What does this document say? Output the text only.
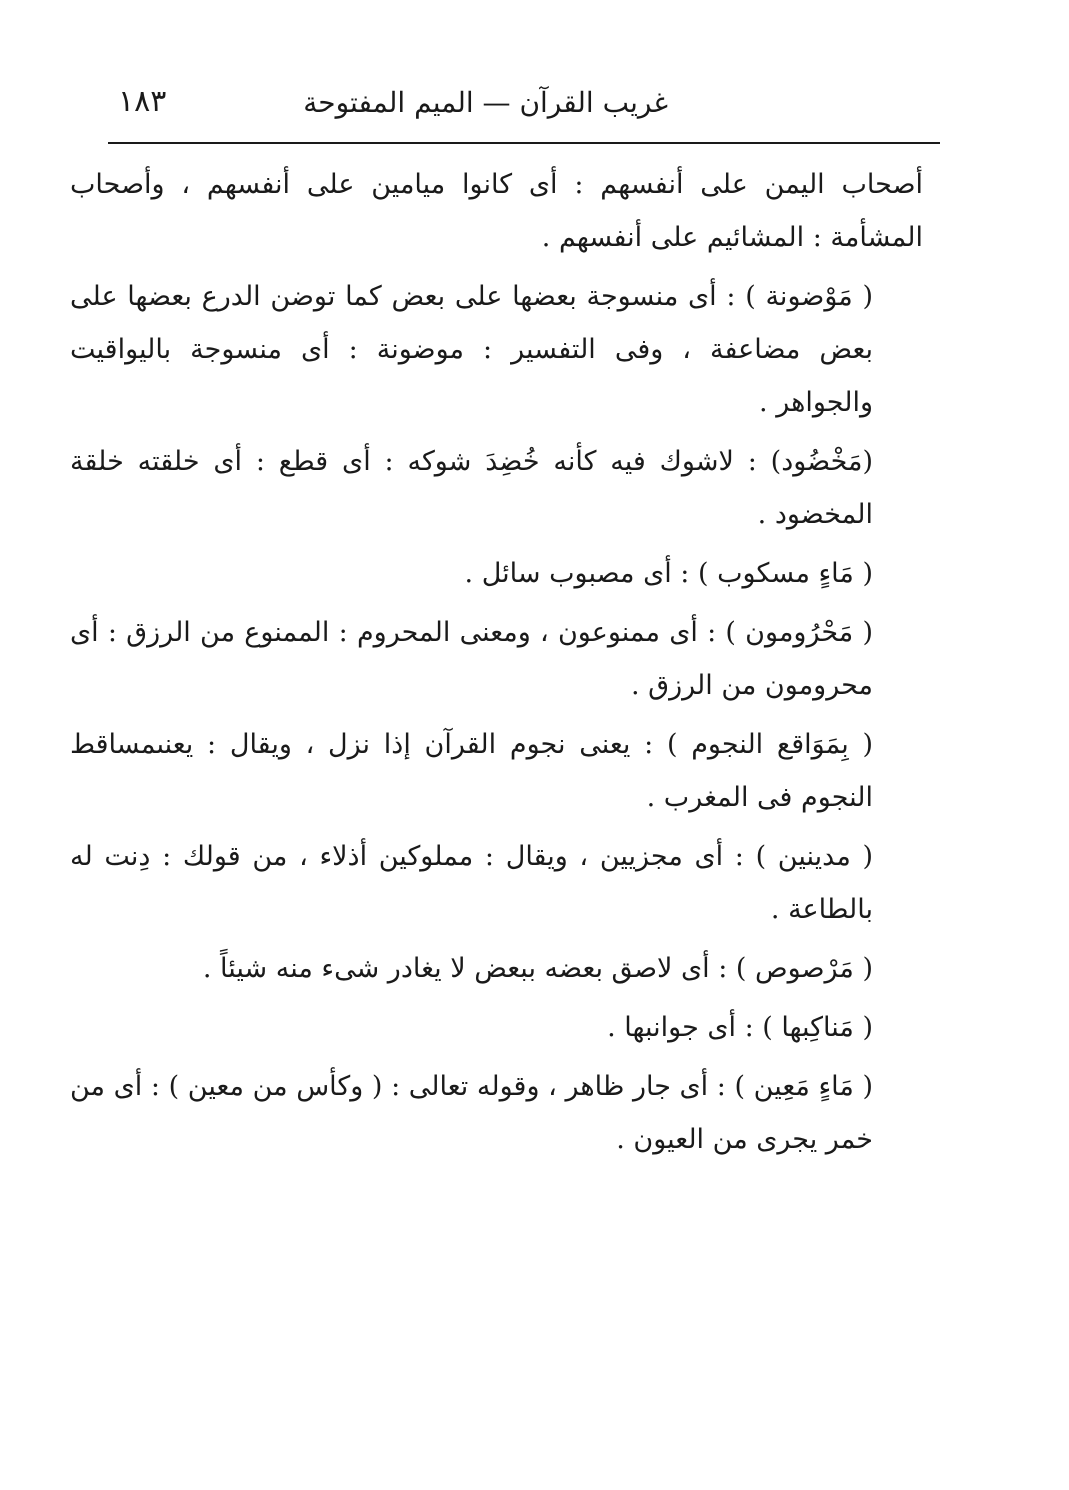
١٨٣	غريب القرآن — الميم المفتوحة

أصحاب اليمن على أنفسهم : أى كانوا ميامين على أنفسهم ، وأصحاب المشأمة : المشائيم على أنفسهم .

( مَوْضونة ) : أى منسوجة بعضها على بعض كما توضن الدرع بعضها على بعض مضاعفة ، وفى التفسير : موضونة : أى منسوجة باليواقيت والجواهر .

(مَخْضُود) : لاشوك فيه كأنه خُضِدَ شوكه : أى قطع : أى خلقته خلقة المخضود .

( مَاءٍ مسكوب ) : أى مصبوب سائل .

( مَحْرُومون ) : أى ممنوعون ، ومعنى المحروم : الممنوع من الرزق : أى محرومون من الرزق .

( بِمَوَاقع النجوم ) : يعنى نجوم القرآن إذا نزل ، ويقال : يعنىمساقط النجوم فى المغرب .

( مدينين ) : أى مجزيين ، ويقال : مملوكين أذلاء ، من قولك : دِنت له بالطاعة .

( مَرْصوص ) : أى لاصق بعضه ببعض لا يغادر شىء منه شيئاً .

( مَناكِبها ) : أى جوانبها .

( مَاءٍ مَعِين ) : أى جار ظاهر ، وقوله تعالى : ( وكأس من معين ) : أى من خمر يجرى من العيون .
